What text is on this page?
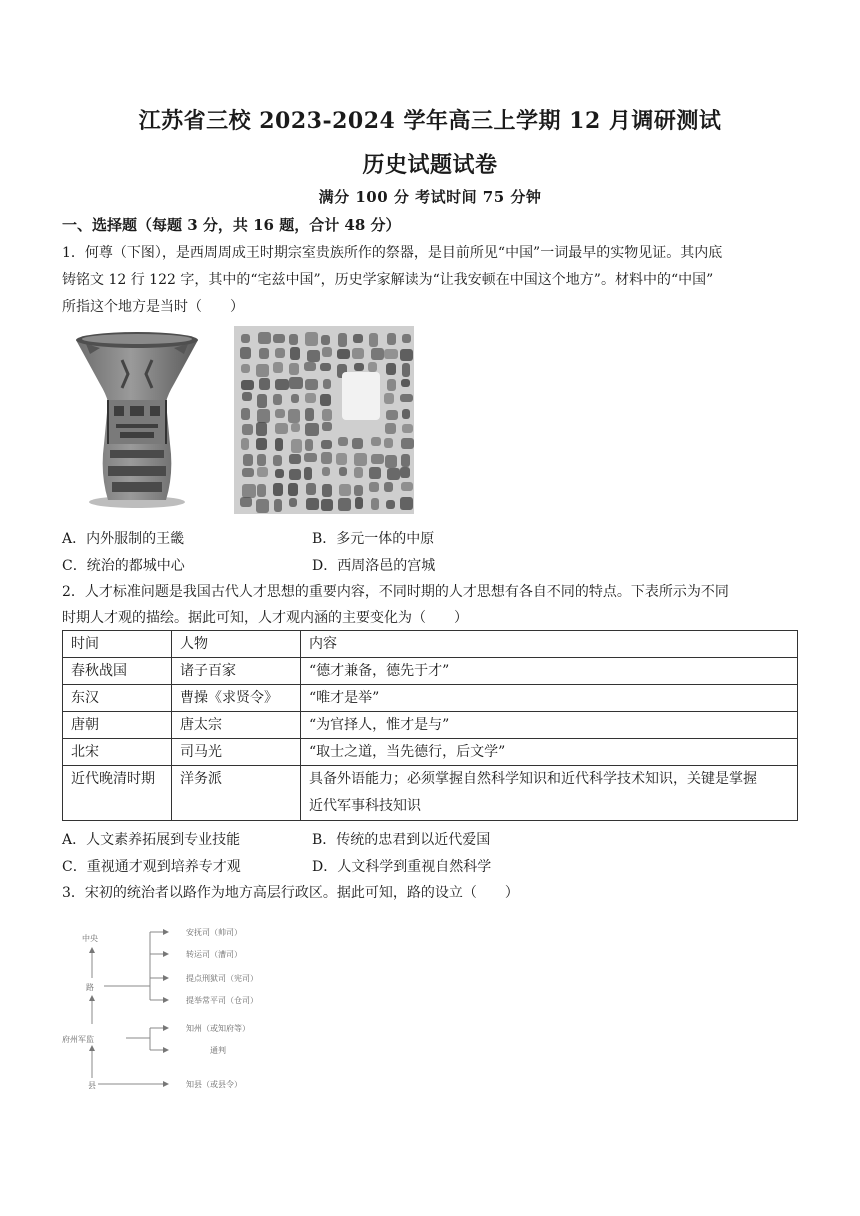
江苏省三校 2023-2024 学年高三上学期 12 月调研测试
历史试题试卷
满分 100 分 考试时间 75 分钟
一、选择题（每题 3 分，共 16 题，合计 48 分）
1．何尊（下图），是西周周成王时期宗室贵族所作的祭器，是目前所见“中国”一词最早的实物见证。其内底
铸铭文 12 行 122 字，其中的“宅兹中国”，历史学家解读为“让我安顿在中国这个地方”。材料中的“中国”
所指这个地方是当时（　　）
A．内外服制的王畿	B．多元一体的中原
C．统治的都城中心	D．西周洛邑的宫城
2．人才标准问题是我国古代人才思想的重要内容，不同时期的人才思想有各自不同的特点。下表所示为不同
时期人才观的描绘。据此可知，人才观内涵的主要变化为（　　）
时间	人物	内容
春秋战国	诸子百家	“德才兼备，德先于才”
东汉	曹操《求贤令》	“唯才是举”
唐朝	唐太宗	“为官择人，惟才是与”
北宋	司马光	“取士之道，当先德行，后文学”

近代晚清时期	洋务派	具备外语能力；必须掌握自然科学知识和近代科学技术知识，关键是掌握
近代军事科技知识
A．人文素养拓展到专业技能	B．传统的忠君到以近代爱国
C．重视通才观到培养专才观	D．人文科学到重视自然科学
3．宋初的统治者以路作为地方高层行政区。据此可知，路的设立（　　）
中央
路
府州军监
县
安抚司（帅司）
转运司（漕司）
提点刑狱司（宪司）
提举常平司（仓司）
知州（或知府等）
通判
知县（或县令）
